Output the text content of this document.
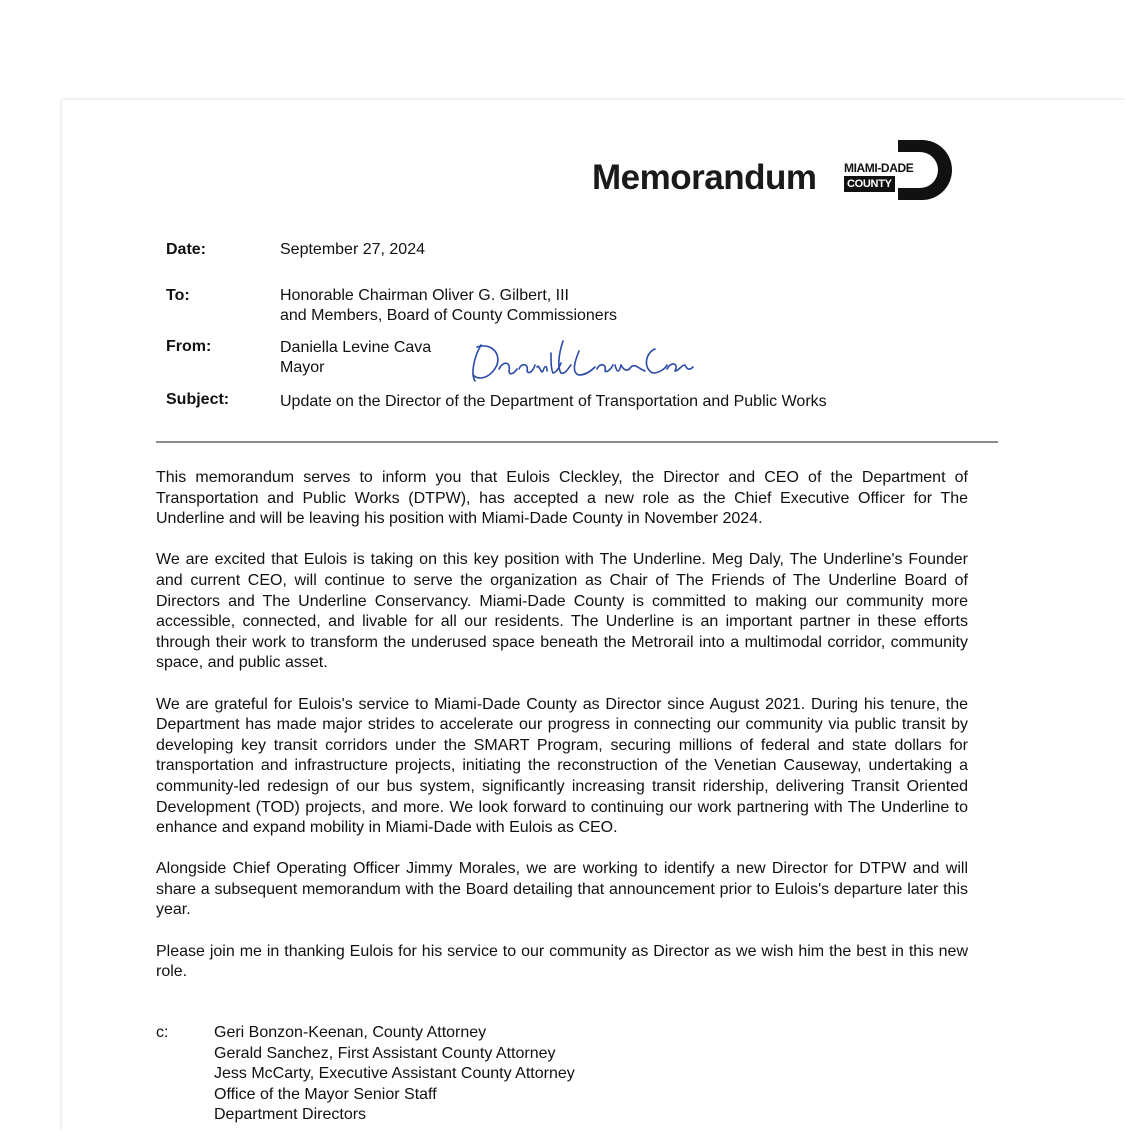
Memorandum MIAMI-DADE
COUNTY
Date:	September 27, 2024
To:	Honorable Chairman Oliver G. Gilbert, III
and Members, Board of County Commissioners
From:	Daniella Levine Cava
Mayor
Subject:	Update on the Director of the Department of Transportation and Public Works

This memorandum serves to inform you that Eulois Cleckley, the Director and CEO of the Department of Transportation and Public Works (DTPW), has accepted a new role as the Chief Executive Officer for The Underline and will be leaving his position with Miami-Dade County in November 2024.

We are excited that Eulois is taking on this key position with The Underline. Meg Daly, The Underline's Founder and current CEO, will continue to serve the organization as Chair of The Friends of The Underline Board of Directors and The Underline Conservancy. Miami-Dade County is committed to making our community more accessible, connected, and livable for all our residents. The Underline is an important partner in these efforts through their work to transform the underused space beneath the Metrorail into a multimodal corridor, community space, and public asset.

We are grateful for Eulois's service to Miami-Dade County as Director since August 2021. During his tenure, the Department has made major strides to accelerate our progress in connecting our community via public transit by developing key transit corridors under the SMART Program, securing millions of federal and state dollars for transportation and infrastructure projects, initiating the reconstruction of the Venetian Causeway, undertaking a community-led redesign of our bus system, significantly increasing transit ridership, delivering Transit Oriented Development (TOD) projects, and more. We look forward to continuing our work partnering with The Underline to enhance and expand mobility in Miami-Dade with Eulois as CEO.

Alongside Chief Operating Officer Jimmy Morales, we are working to identify a new Director for DTPW and will share a subsequent memorandum with the Board detailing that announcement prior to Eulois's departure later this year.

Please join me in thanking Eulois for his service to our community as Director as we wish him the best in this new role.

c:	Geri Bonzon-Keenan, County Attorney
Gerald Sanchez, First Assistant County Attorney
Jess McCarty, Executive Assistant County Attorney
Office of the Mayor Senior Staff
Department Directors
